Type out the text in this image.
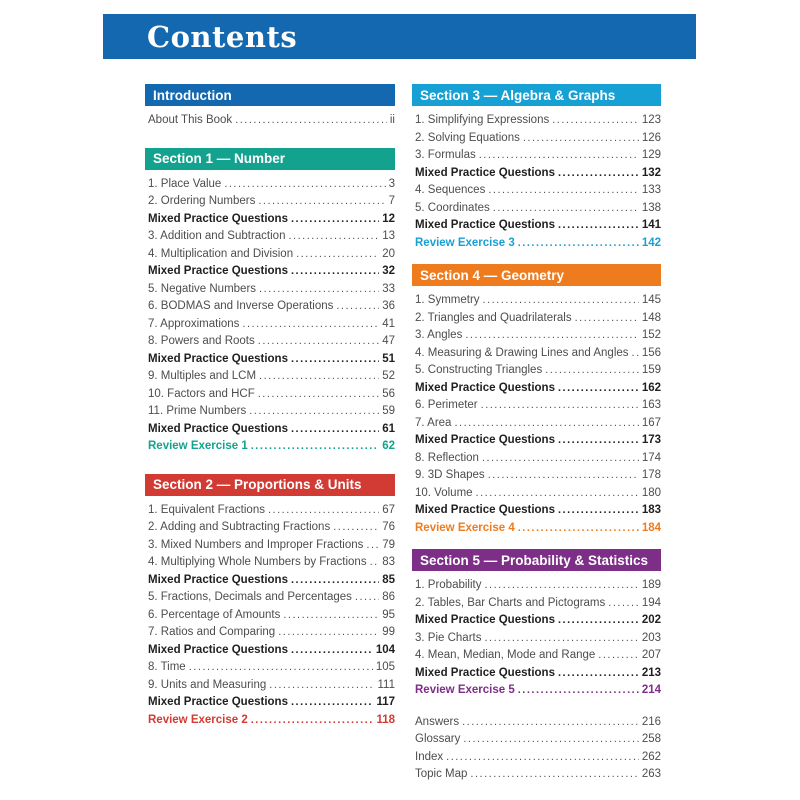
Contents
Introduction
About This Book .....	ii
Section 1 — Number
1. Place Value .....	3
2. Ordering Numbers .....	7
Mixed Practice Questions .....	12
3. Addition and Subtraction .....	13
4. Multiplication and Division .....	20
Mixed Practice Questions .....	32
5. Negative Numbers .....	33
6. BODMAS and Inverse Operations .....	36
7. Approximations .....	41
8. Powers and Roots .....	47
Mixed Practice Questions .....	51
9. Multiples and LCM .....	52
10. Factors and HCF .....	56
11. Prime Numbers .....	59
Mixed Practice Questions .....	61
Review Exercise 1 .....	62
Section 2 — Proportions & Units
1. Equivalent Fractions .....	67
2. Adding and Subtracting Fractions .....	76
3. Mixed Numbers and Improper Fractions ..... 79
4. Multiplying Whole Numbers by Fractions ..... 83
Mixed Practice Questions .....	85
5. Fractions, Decimals and Percentages .....	86
6. Percentage of Amounts .....	95
7. Ratios and Comparing .....	99
Mixed Practice Questions .....	104
8. Time .....	105
9. Units and Measuring .....	111
Mixed Practice Questions .....	117
Review Exercise 2 .....	118
Section 3 — Algebra & Graphs
1. Simplifying Expressions .....	123
2. Solving Equations .....	126
3. Formulas .....	129
Mixed Practice Questions .....	132
4. Sequences .....	133
5. Coordinates .....	138
Mixed Practice Questions .....	141
Review Exercise 3 .....	142
Section 4 — Geometry
1. Symmetry .....	145
2. Triangles and Quadrilaterals .....	148
3. Angles .....	152
4. Measuring & Drawing Lines and Angles ..... 156
5. Constructing Triangles .....	159
Mixed Practice Questions .....	162
6. Perimeter .....	163
7. Area .....	167
Mixed Practice Questions .....	173
8. Reflection .....	174
9. 3D Shapes .....	178
10. Volume .....	180
Mixed Practice Questions .....	183
Review Exercise 4 .....	184
Section 5 — Probability & Statistics
1. Probability .....	189
2. Tables, Bar Charts and Pictograms .....	194
Mixed Practice Questions .....	202
3. Pie Charts .....	203
4. Mean, Median, Mode and Range .....	207
Mixed Practice Questions .....	213
Review Exercise 5 .....	214
Answers .....	216
Glossary .....	258
Index .....	262
Topic Map .....	263
